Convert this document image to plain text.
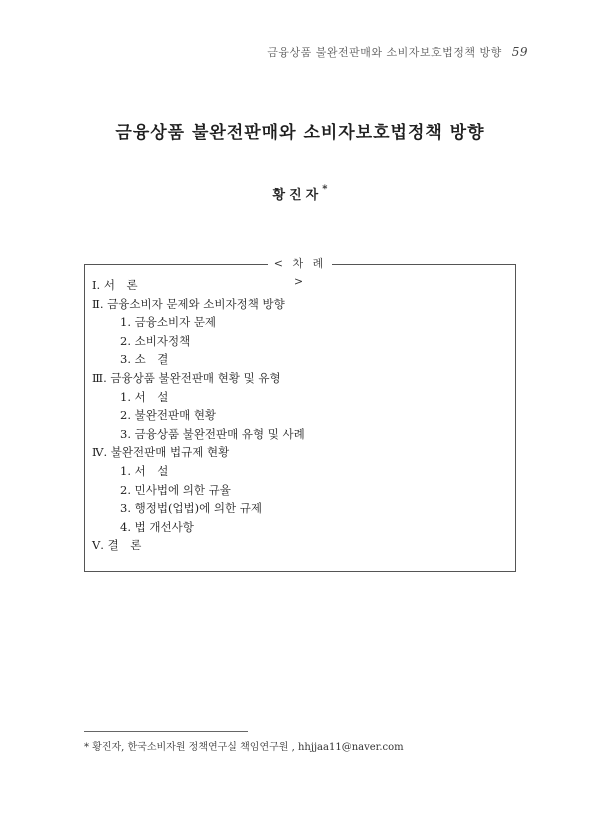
금융상품 불완전판매와 소비자보호법정책 방향 59
금융상품 불완전판매와 소비자보호법정책 방향
황진자*
< 차 례 >
Ⅰ. 서　론
Ⅱ. 금융소비자 문제와 소비자정책 방향
1. 금융소비자 문제
2. 소비자정책
3. 소　결
Ⅲ. 금융상품 불완전판매 현황 및 유형
1. 서　설
2. 불완전판매 현황
3. 금융상품 불완전판매 유형 및 사례
Ⅳ. 불완전판매 법규제 현황
1. 서　설
2. 민사법에 의한 규율
3. 행정법(업법)에 의한 규제
4. 법 개선사항
Ⅴ. 결　론
* 황진자, 한국소비자원 정책연구실 책임연구원 , hhjjaa11@naver.com
